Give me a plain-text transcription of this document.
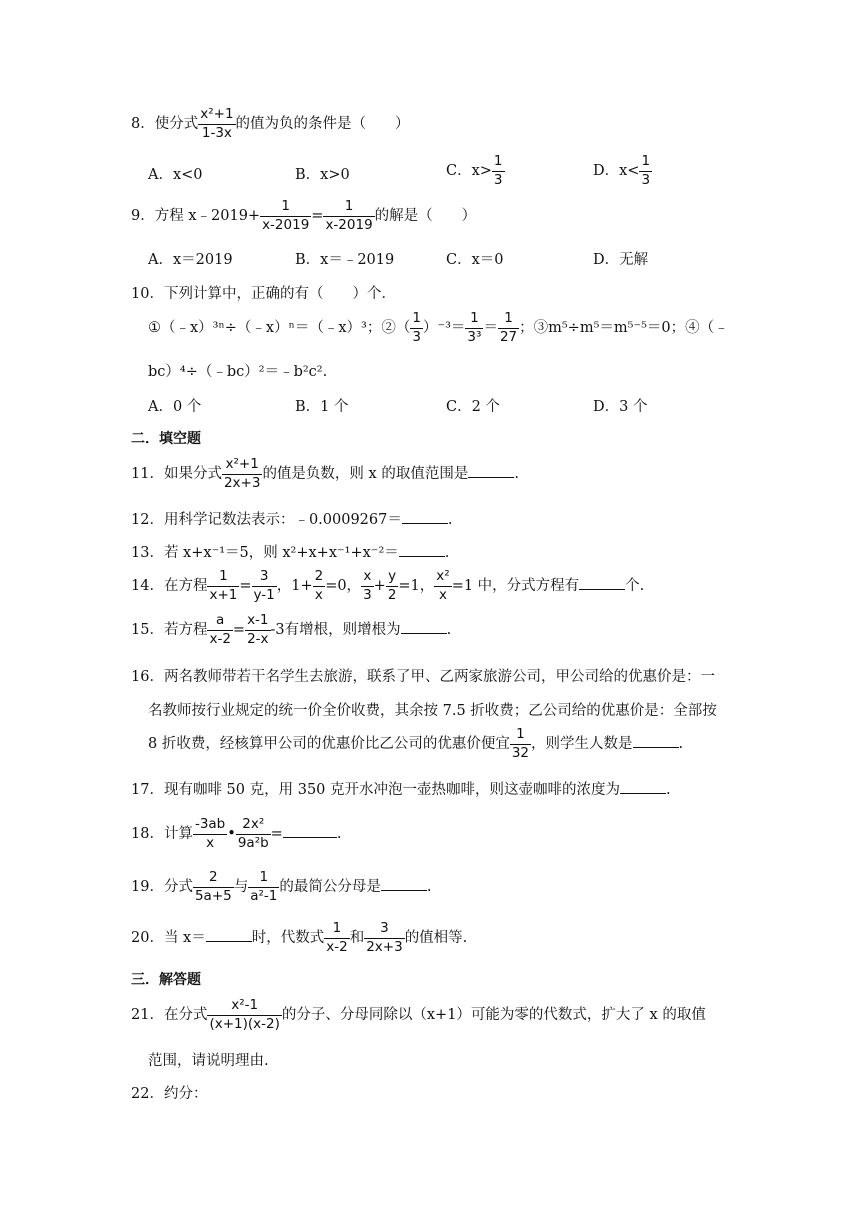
8．使分式 $\frac{\text{x²+1}}{1-3x}$ 的值为负的条件是（　　）
A．x<0	B．x>0	C．$x> \frac{1}{3}$	D．$x< \frac{1}{3}$
9．方程 x﹣2019+ $\frac{1}{x-2019} = \frac{1}{x-2019}$ 的解是（　　）
A．x＝2019	B．x＝﹣2019	C．x＝0	D．无解
10．下列计算中，正确的有（　　）个．
①（﹣x）³ⁿ÷（﹣x）ⁿ＝（﹣x）³；②（ $\frac{1}{3} )^{-3}= \frac{1}{\text{3³}} = \frac{1}{27}$ ；③m⁵÷m⁵＝m⁵⁻⁵＝0；④（﹣
bc）⁴÷（﹣bc）²＝﹣b²c².
A．0 个	B．1 个	C．2 个	D．3 个
二．填空题
11．如果分式 $\frac{\text{x²+1}}{2x+3}$ 的值是负数，则 x 的取值范围是	.
12．用科学记数法表示：﹣0.0009267＝	.
13．若 x+x⁻¹＝5，则 x²+x+x⁻¹+x⁻²＝	.
14．在方程 $\frac{1}{x+1} = \frac{3}{y-1}$ ，$1+ \frac{2}{x} =0$， $\frac{x}{3} + \frac{y}{2} =1$， $\frac{\text{x²}}{x} =1$ 中，分式方程有	个.
15．若方程 $\frac{a}{x-2} = \frac{x-1}{2-x} -3$有增根，则增根为	.
16．两名教师带若干名学生去旅游，联系了甲、乙两家旅游公司，甲公司给的优惠价是：一
名教师按行业规定的统一价全价收费，其余按 7.5 折收费；乙公司给的优惠价是：全部按
8 折收费，经核算甲公司的优惠价比乙公司的优惠价便宜 $\frac{1}{32}$ ，则学生人数是	.
17．现有咖啡 50 克，用 350 克开水冲泡一壶热咖啡，则这壶咖啡的浓度为	.
18．计算 $\frac{-3ab}{x}$ • $\frac{\text{2x²}}{\text{9a²b}}$ =	.
19．分式 $\frac{2}{5a+5}$ 与 $\frac{1}{\text{a²-1}}$ 的最简公分母是	.
20．当 x＝	时，代数式 $\frac{1}{x-2}$ 和 $\frac{3}{2x+3}$ 的值相等.
三．解答题
21．在分式 $\frac{\text{x²-1}}{(x+1)(x-2)}$ 的分子、分母同除以（x+1）可能为零的代数式，扩大了 x 的取值
范围，请说明理由.
22．约分：
